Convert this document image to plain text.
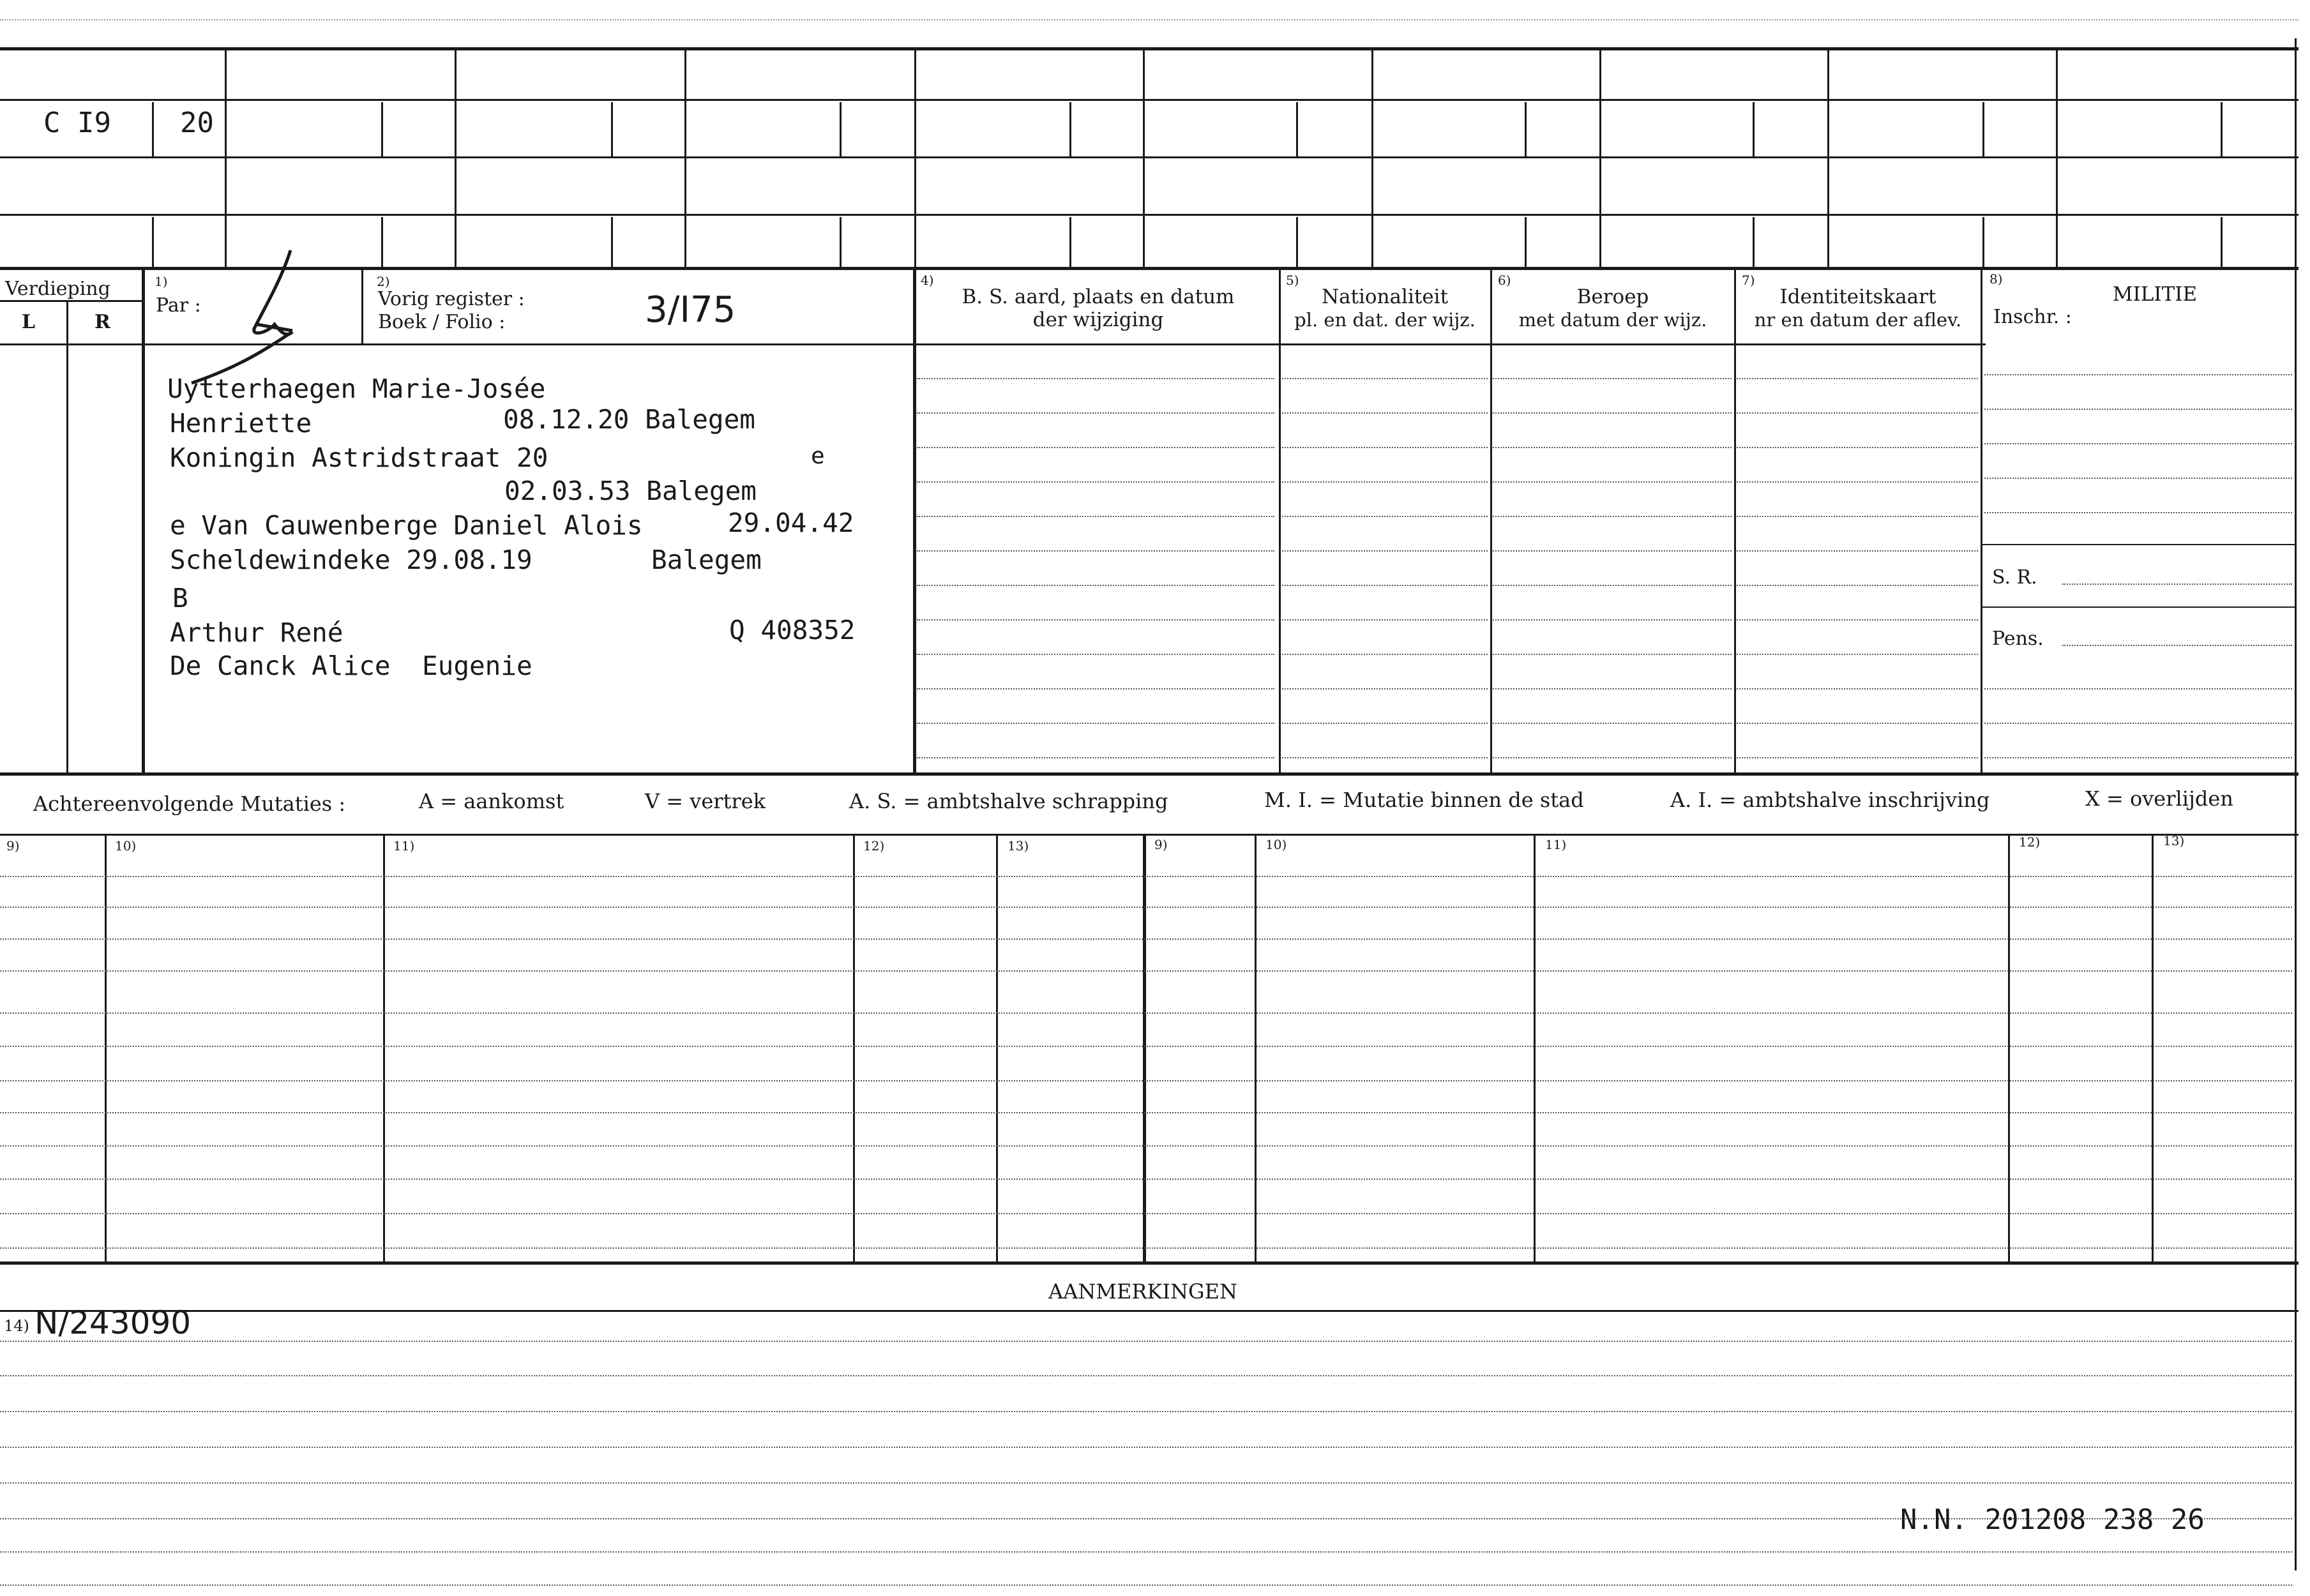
C I9 20
Verdieping
L	R
1)
Par :
2)
Vorig register :
Boek / Folio :	3/I75
4)
B. S. aard, plaats en datum
der wijziging
5)
Nationaliteit
pl. en dat. der wijz.
6)
Beroep
met datum der wijz.
7)
Identiteitskaart
nr en datum der aflev.
8)
MILITIE
Inschr. :
S. R.
Pens.
Uytterhaegen Marie-Josée
Henriette	08.12.20 Balegem
Koningin Astridstraat 20	e
02.03.53 Balegem
e Van Cauwenberge Daniel Alois	29.04.42
Scheldewindeke 29.08.19	Balegem
B
Arthur René	Q 408352
De Canck Alice  Eugenie
Achtereenvolgende Mutaties :	A = aankomst	V = vertrek	A. S. = ambtshalve schrapping	M. I. = Mutatie binnen de stad	A. I. = ambtshalve inschrijving	X = overlijden
9)	10)	11)	12)	13)	9)	10)	11)	12)	13)
AANMERKINGEN
14) N/243090
N.N. 201208 238 26
